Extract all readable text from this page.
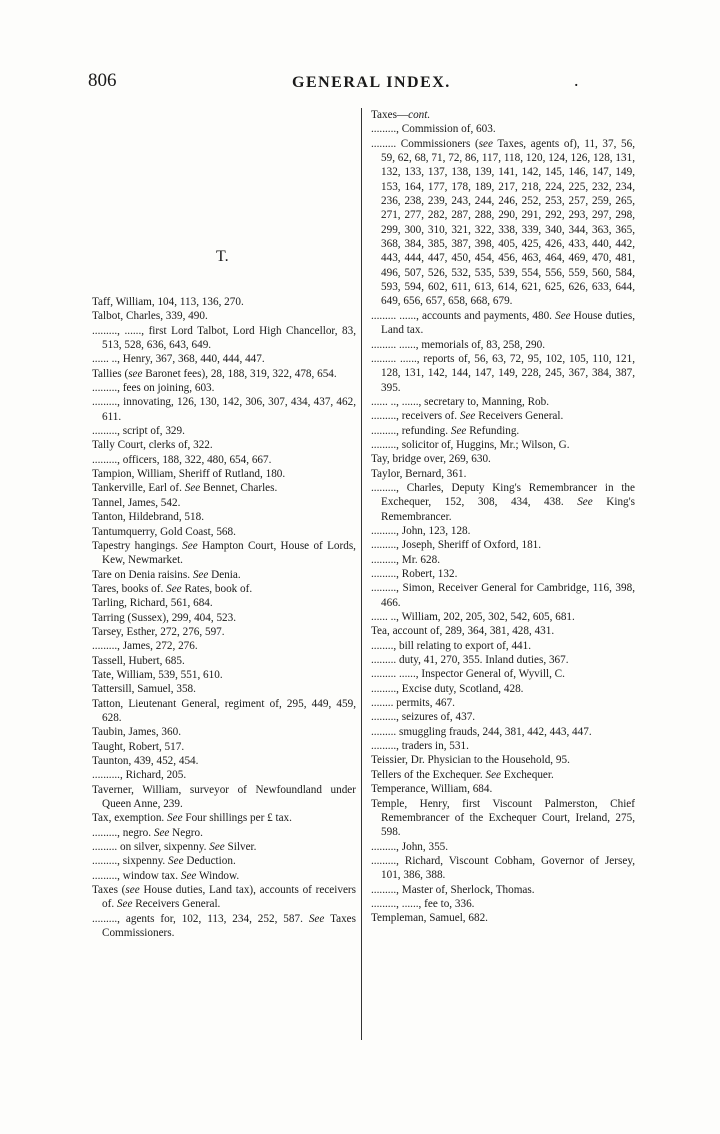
806	GENERAL INDEX.	.
T.
Taff, William, 104, 113, 136, 270.
Talbot, Charles, 339, 490.
........., ......, first Lord Talbot, Lord High Chancellor, 83, 513, 528, 636, 643, 649.
...... .., Henry, 367, 368, 440, 444, 447.
Tallies (see Baronet fees), 28, 188, 319, 322, 478, 654.
........., fees on joining, 603.
........., innovating, 126, 130, 142, 306, 307, 434, 437, 462, 611.
........., script of, 329.
Tally Court, clerks of, 322.
........., officers, 188, 322, 480, 654, 667.
Tampion, William, Sheriff of Rutland, 180.
Tankerville, Earl of. See Bennet, Charles.
Tannel, James, 542.
Tanton, Hildebrand, 518.
Tantumquerry, Gold Coast, 568.
Tapestry hangings. See Hampton Court, House of Lords, Kew, Newmarket.
Tare on Denia raisins. See Denia.
Tares, books of. See Rates, book of.
Tarling, Richard, 561, 684.
Tarring (Sussex), 299, 404, 523.
Tarsey, Esther, 272, 276, 597.
........., James, 272, 276.
Tassell, Hubert, 685.
Tate, William, 539, 551, 610.
Tattersill, Samuel, 358.
Tatton, Lieutenant General, regiment of, 295, 449, 459, 628.
Taubin, James, 360.
Taught, Robert, 517.
Taunton, 439, 452, 454.
.........., Richard, 205.
Taverner, William, surveyor of Newfoundland under Queen Anne, 239.
Tax, exemption. See Four shillings per £ tax.
........., negro. See Negro.
......... on silver, sixpenny. See Silver.
........., sixpenny. See Deduction.
........., window tax. See Window.
Taxes (see House duties, Land tax), accounts of receivers of. See Receivers General.
........., agents for, 102, 113, 234, 252, 587. See Taxes Commissioners.
Taxes—cont.
........., Commission of, 603.
......... Commissioners (see Taxes, agents of), 11, 37, 56, 59, 62, 68, 71, 72, 86, 117, 118, 120, 124, 126, 128, 131, 132, 133, 137, 138, 139, 141, 142, 145, 146, 147, 149, 153, 164, 177, 178, 189, 217, 218, 224, 225, 232, 234, 236, 238, 239, 243, 244, 246, 252, 253, 257, 259, 265, 271, 277, 282, 287, 288, 290, 291, 292, 293, 297, 298, 299, 300, 310, 321, 322, 338, 339, 340, 344, 363, 365, 368, 384, 385, 387, 398, 405, 425, 426, 433, 440, 442, 443, 444, 447, 450, 454, 456, 463, 464, 469, 470, 481, 496, 507, 526, 532, 535, 539, 554, 556, 559, 560, 584, 593, 594, 602, 611, 613, 614, 621, 625, 626, 633, 644, 649, 656, 657, 658, 668, 679.
......... ......, accounts and payments, 480. See House duties, Land tax.
......... ......, memorials of, 83, 258, 290.
......... ......, reports of, 56, 63, 72, 95, 102, 105, 110, 121, 128, 131, 142, 144, 147, 149, 228, 245, 367, 384, 387, 395.
...... .., ......, secretary to, Manning, Rob.
........., receivers of. See Receivers General.
........., refunding. See Refunding.
........., solicitor of, Huggins, Mr.; Wilson, G.
Tay, bridge over, 269, 630.
Taylor, Bernard, 361.
........., Charles, Deputy King's Remembrancer in the Exchequer, 152, 308, 434, 438. See King's Remembrancer.
........., John, 123, 128.
........., Joseph, Sheriff of Oxford, 181.
........., Mr. 628.
........., Robert, 132.
........., Simon, Receiver General for Cambridge, 116, 398, 466.
...... .., William, 202, 205, 302, 542, 605, 681.
Tea, account of, 289, 364, 381, 428, 431.
........, bill relating to export of, 441.
......... duty, 41, 270, 355. Inland duties, 367.
......... ......, Inspector General of, Wyvill, C.
........., Excise duty, Scotland, 428.
........ permits, 467.
........., seizures of, 437.
......... smuggling frauds, 244, 381, 442, 443, 447.
........., traders in, 531.
Teissier, Dr. Physician to the Household, 95.
Tellers of the Exchequer. See Exchequer.
Temperance, William, 684.
Temple, Henry, first Viscount Palmerston, Chief Remembrancer of the Exchequer Court, Ireland, 275, 598.
........., John, 355.
........., Richard, Viscount Cobham, Governor of Jersey, 101, 386, 388.
........., Master of, Sherlock, Thomas.
........., ......, fee to, 336.
Templeman, Samuel, 682.
